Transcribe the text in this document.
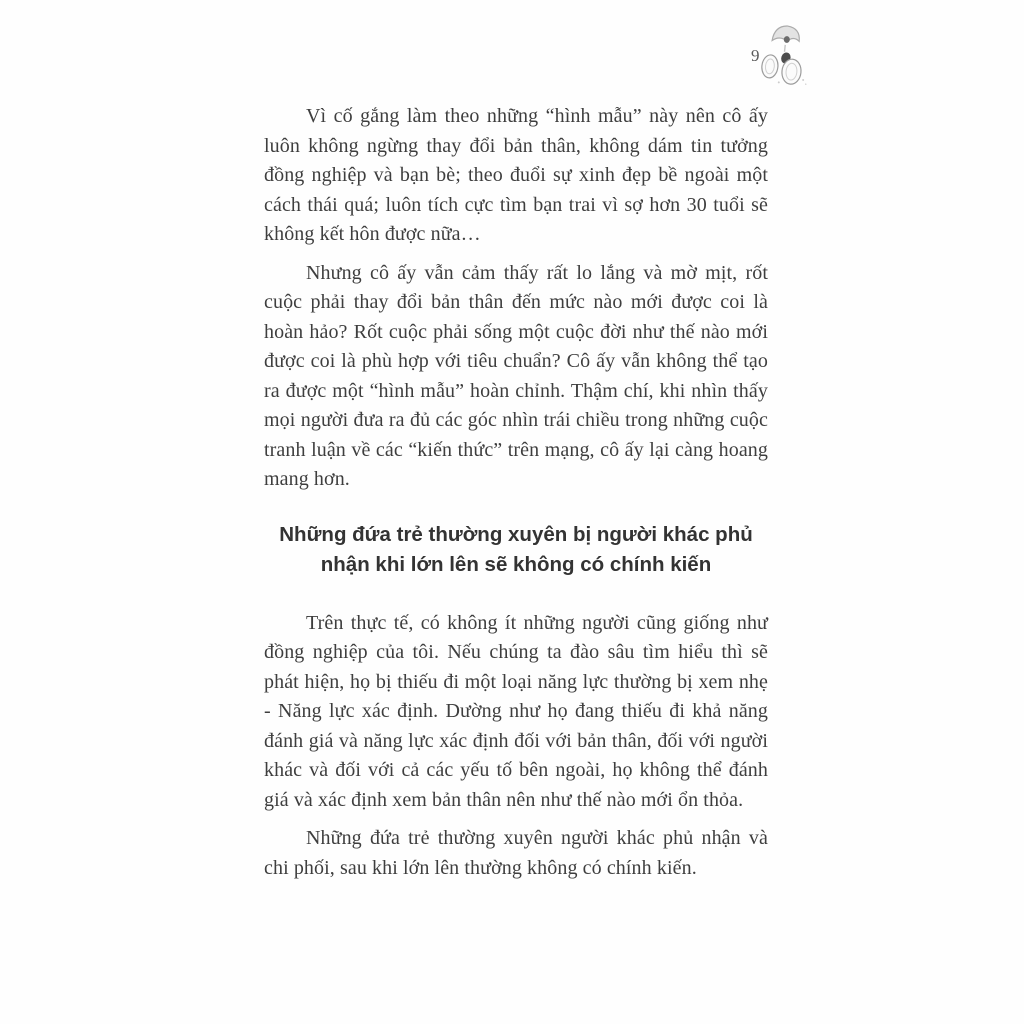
9
Vì cố gắng làm theo những “hình mẫu” này nên cô ấy luôn không ngừng thay đổi bản thân, không dám tin tưởng đồng nghiệp và bạn bè; theo đuổi sự xinh đẹp bề ngoài một cách thái quá; luôn tích cực tìm bạn trai vì sợ hơn 30 tuổi sẽ không kết hôn được nữa…
Nhưng cô ấy vẫn cảm thấy rất lo lắng và mờ mịt, rốt cuộc phải thay đổi bản thân đến mức nào mới được coi là hoàn hảo? Rốt cuộc phải sống một cuộc đời như thế nào mới được coi là phù hợp với tiêu chuẩn? Cô ấy vẫn không thể tạo ra được một “hình mẫu” hoàn chỉnh. Thậm chí, khi nhìn thấy mọi người đưa ra đủ các góc nhìn trái chiều trong những cuộc tranh luận về các “kiến thức” trên mạng, cô ấy lại càng hoang mang hơn.
Những đứa trẻ thường xuyên bị người khác phủ
nhận khi lớn lên sẽ không có chính kiến
Trên thực tế, có không ít những người cũng giống như đồng nghiệp của tôi. Nếu chúng ta đào sâu tìm hiểu thì sẽ phát hiện, họ bị thiếu đi một loại năng lực thường bị xem nhẹ - Năng lực xác định. Dường như họ đang thiếu đi khả năng đánh giá và năng lực xác định đối với bản thân, đối với người khác và đối với cả các yếu tố bên ngoài, họ không thể đánh giá và xác định xem bản thân nên như thế nào mới ổn thỏa.
Những đứa trẻ thường xuyên người khác phủ nhận và chi phối, sau khi lớn lên thường không có chính kiến.
